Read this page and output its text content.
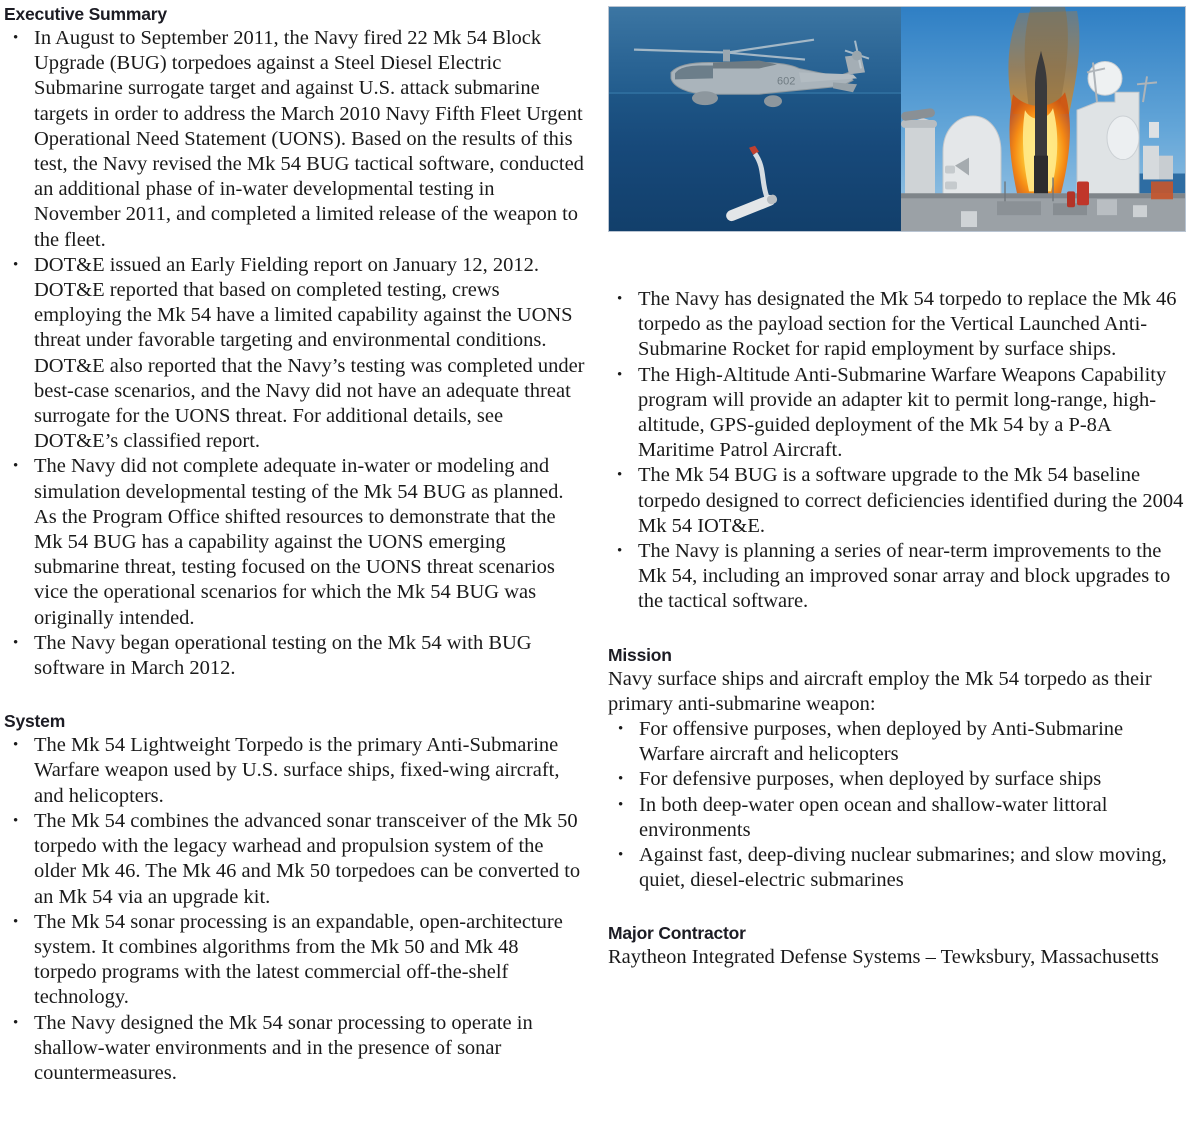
Executive Summary
• In August to September 2011, the Navy fired 22 Mk 54 Block Upgrade (BUG) torpedoes against a Steel Diesel Electric Submarine surrogate target and against U.S. attack submarine targets in order to address the March 2010 Navy Fifth Fleet Urgent Operational Need Statement (UONS). Based on the results of this test, the Navy revised the Mk 54 BUG tactical software, conducted an additional phase of in-water developmental testing in November 2011, and completed a limited release of the weapon to the fleet.
• DOT&E issued an Early Fielding report on January 12, 2012. DOT&E reported that based on completed testing, crews employing the Mk 54 have a limited capability against the UONS threat under favorable targeting and environmental conditions. DOT&E also reported that the Navy’s testing was completed under best-case scenarios, and the Navy did not have an adequate threat surrogate for the UONS threat. For additional details, see DOT&E’s classified report.
• The Navy did not complete adequate in-water or modeling and simulation developmental testing of the Mk 54 BUG as planned. As the Program Office shifted resources to demonstrate that the Mk 54 BUG has a capability against the UONS emerging submarine threat, testing focused on the UONS threat scenarios vice the operational scenarios for which the Mk 54 BUG was originally intended.
• The Navy began operational testing on the Mk 54 with BUG software in March 2012.
System
• The Mk 54 Lightweight Torpedo is the primary Anti-Submarine Warfare weapon used by U.S. surface ships, fixed-wing aircraft, and helicopters.
• The Mk 54 combines the advanced sonar transceiver of the Mk 50 torpedo with the legacy warhead and propulsion system of the older Mk 46. The Mk 46 and Mk 50 torpedoes can be converted to an Mk 54 via an upgrade kit.
• The Mk 54 sonar processing is an expandable, open-architecture system. It combines algorithms from the Mk 50 and Mk 48 torpedo programs with the latest commercial off-the-shelf technology.
• The Navy designed the Mk 54 sonar processing to operate in shallow-water environments and in the presence of sonar countermeasures.
602
• The Navy has designated the Mk 54 torpedo to replace the Mk 46 torpedo as the payload section for the Vertical Launched Anti-Submarine Rocket for rapid employment by surface ships.
• The High-Altitude Anti-Submarine Warfare Weapons Capability program will provide an adapter kit to permit long-range, high-altitude, GPS-guided deployment of the Mk 54 by a P-8A Maritime Patrol Aircraft.
• The Mk 54 BUG is a software upgrade to the Mk 54 baseline torpedo designed to correct deficiencies identified during the 2004 Mk 54 IOT&E.
• The Navy is planning a series of near-term improvements to the Mk 54, including an improved sonar array and block upgrades to the tactical software.
Mission

Navy surface ships and aircraft employ the Mk 54 torpedo as their primary anti-submarine weapon:

• For offensive purposes, when deployed by Anti-Submarine Warfare aircraft and helicopters
• For defensive purposes, when deployed by surface ships
• In both deep-water open ocean and shallow-water littoral environments
• Against fast, deep-diving nuclear submarines; and slow moving, quiet, diesel-electric submarines
Major Contractor

Raytheon Integrated Defense Systems – Tewksbury, Massachusetts
